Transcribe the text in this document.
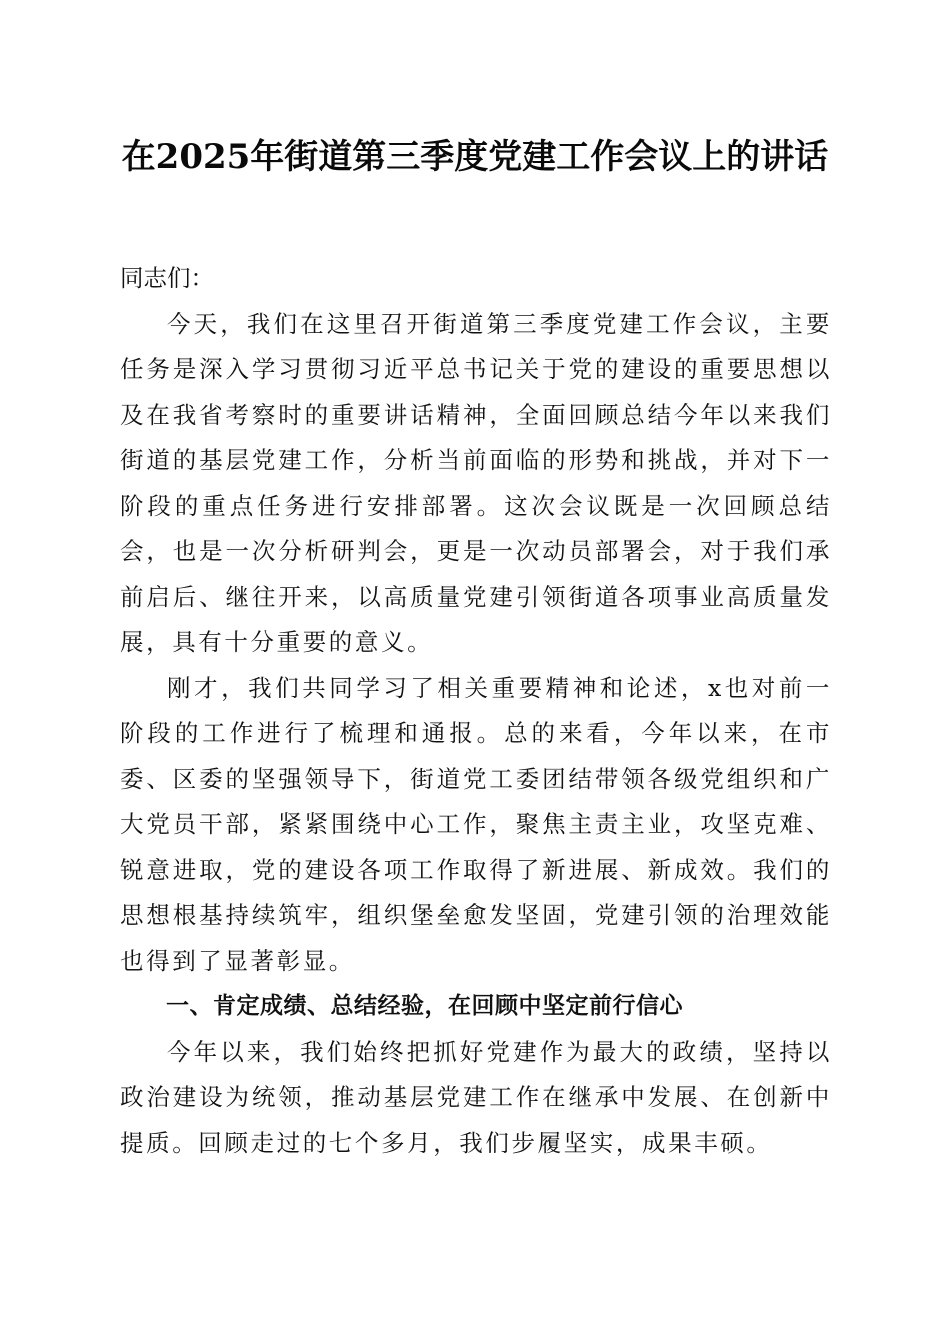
在2025年街道第三季度党建工作会议上的讲话

同志们：

今天，我们在这里召开街道第三季度党建工作会议，主要任务是深入学习贯彻习近平总书记关于党的建设的重要思想以及在我省考察时的重要讲话精神，全面回顾总结今年以来我们街道的基层党建工作，分析当前面临的形势和挑战，并对下一阶段的重点任务进行安排部署。这次会议既是一次回顾总结会，也是一次分析研判会，更是一次动员部署会，对于我们承前启后、继往开来，以高质量党建引领街道各项事业高质量发展，具有十分重要的意义。

刚才，我们共同学习了相关重要精神和论述，x也对前一阶段的工作进行了梳理和通报。总的来看，今年以来，在市委、区委的坚强领导下，街道党工委团结带领各级党组织和广大党员干部，紧紧围绕中心工作，聚焦主责主业，攻坚克难、锐意进取，党的建设各项工作取得了新进展、新成效。我们的思想根基持续筑牢，组织堡垒愈发坚固，党建引领的治理效能也得到了显著彰显。

一、肯定成绩、总结经验，在回顾中坚定前行信心

今年以来，我们始终把抓好党建作为最大的政绩，坚持以政治建设为统领，推动基层党建工作在继承中发展、在创新中提质。回顾走过的七个多月，我们步履坚实，成果丰硕。
